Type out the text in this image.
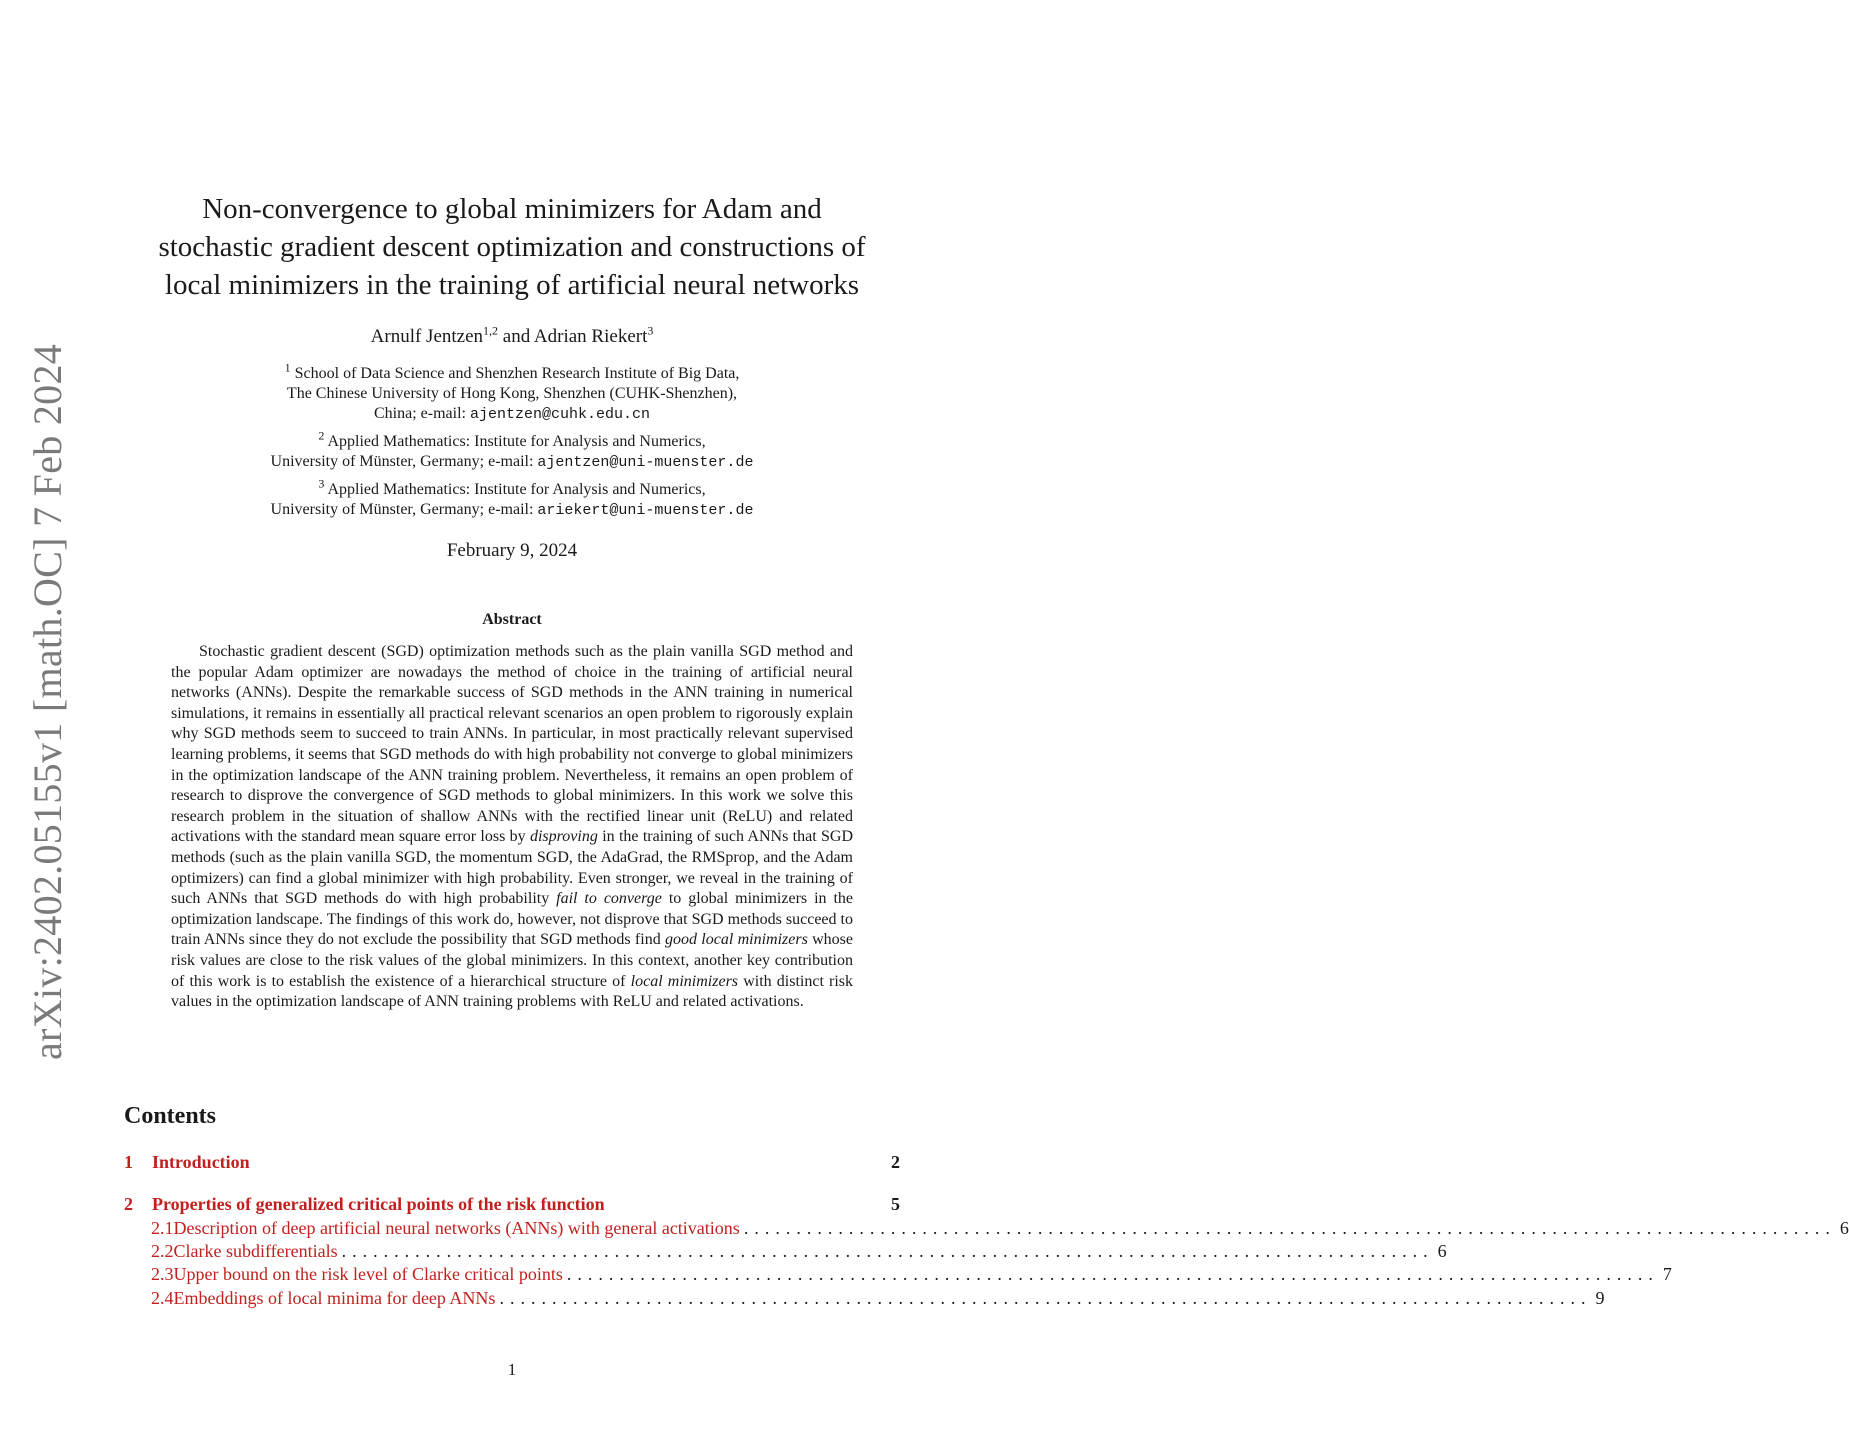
arXiv:2402.05155v1 [math.OC] 7 Feb 2024
Non-convergence to global minimizers for Adam and
stochastic gradient descent optimization and constructions of
local minimizers in the training of artificial neural networks
Arnulf Jentzen$^{1,2}$ and Adrian Riekert$^3$
$^1$ School of Data Science and Shenzhen Research Institute of Big Data,
The Chinese University of Hong Kong, Shenzhen (CUHK-Shenzhen),
China; e-mail: ajentzen@cuhk.edu.cn
$^2$ Applied Mathematics: Institute for Analysis and Numerics,
University of Münster, Germany; e-mail: ajentzen@uni-muenster.de
$^3$ Applied Mathematics: Institute for Analysis and Numerics,
University of Münster, Germany; e-mail: ariekert@uni-muenster.de
February 9, 2024
Abstract

Stochastic gradient descent (SGD) optimization methods such as the plain vanilla SGD method and the popular Adam optimizer are nowadays the method of choice in the training of artificial neural networks (ANNs). Despite the remarkable success of SGD methods in the ANN training in numerical simulations, it remains in essentially all practical relevant scenarios an open problem to rigorously explain why SGD methods seem to succeed to train ANNs. In particular, in most practically relevant supervised learning problems, it seems that SGD methods do with high probability not converge to global minimizers in the optimization landscape of the ANN training problem. Nevertheless, it remains an open problem of research to disprove the convergence of SGD methods to global minimizers. In this work we solve this research problem in the situation of shallow ANNs with the rectified linear unit (ReLU) and related activations with the standard mean square error loss by disproving in the training of such ANNs that SGD methods (such as the plain vanilla SGD, the momentum SGD, the AdaGrad, the RMSprop, and the Adam optimizers) can find a global minimizer with high probability. Even stronger, we reveal in the training of such ANNs that SGD methods do with high probability fail to converge to global minimizers in the optimization landscape. The findings of this work do, however, not disprove that SGD methods succeed to train ANNs since they do not exclude the possibility that SGD methods find good local minimizers whose risk values are close to the risk values of the global minimizers. In this context, another key contribution of this work is to establish the existence of a hierarchical structure of local minimizers with distinct risk values in the optimization landscape of ANN training problems with ReLU and related activations.

Contents
1	Introduction	2
2	Properties of generalized critical points of the risk function	5
2.1 Description of deep artificial neural networks (ANNs) with general activations ........................................................................................................ 6
2.2 Clarke subdifferentials ........................................................................................................ 6
2.3 Upper bound on the risk level of Clarke critical points ........................................................................................................ 7
2.4 Embeddings of local minima for deep ANNs ........................................................................................................ 9
1
